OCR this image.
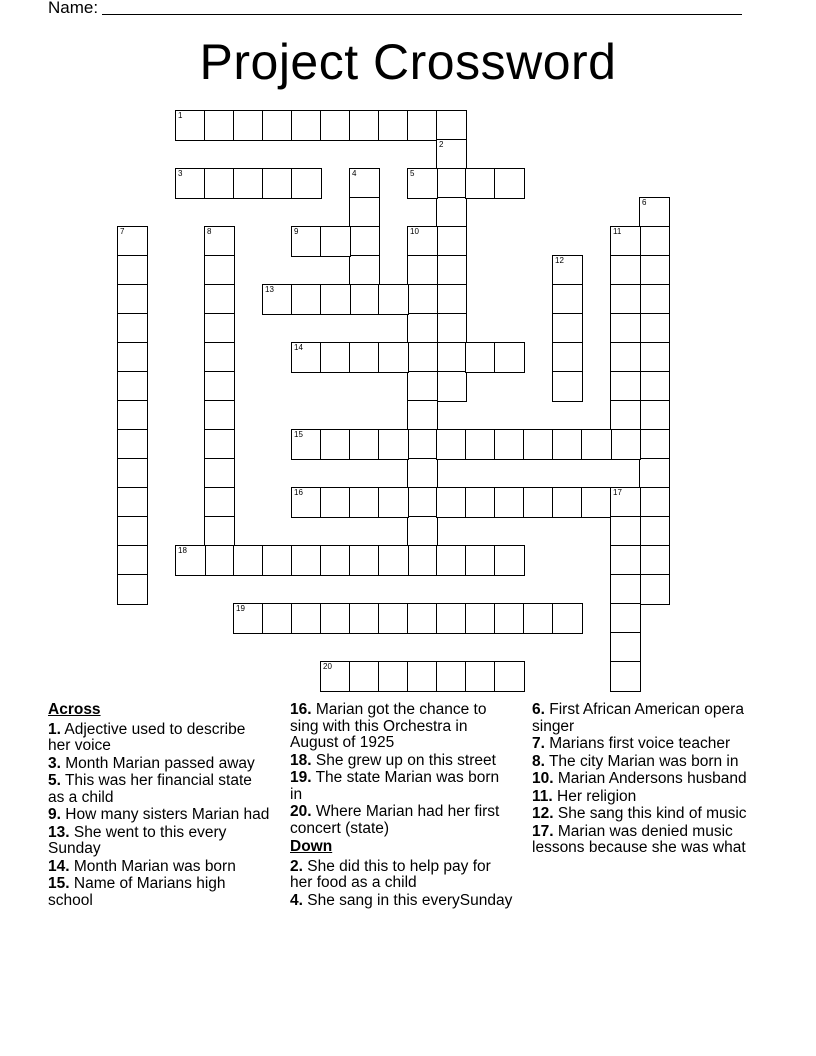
Name:
Project Crossword
1
2
3	4	5
6
7	8	9	10	11
12
13
14
15
16	17
18
19
20
Across
1. Adjective used to describe her voice
3. Month Marian passed away
5. This was her financial state as a child
9. How many sisters Marian had
13. She went to this every Sunday
14. Month Marian was born
15. Name of Marians high school
16. Marian got the chance to sing with this Orchestra in August of 1925
18. She grew up on this street
19. The state Marian was born in
20. Where Marian had her first concert (state)
Down
2. She did this to help pay for her food as a child
4. She sang in this everySunday
6. First African American opera singer
7. Marians first voice teacher
8. The city Marian was born in
10. Marian Andersons husband
11. Her religion
12. She sang this kind of music
17. Marian was denied music lessons because she was what
